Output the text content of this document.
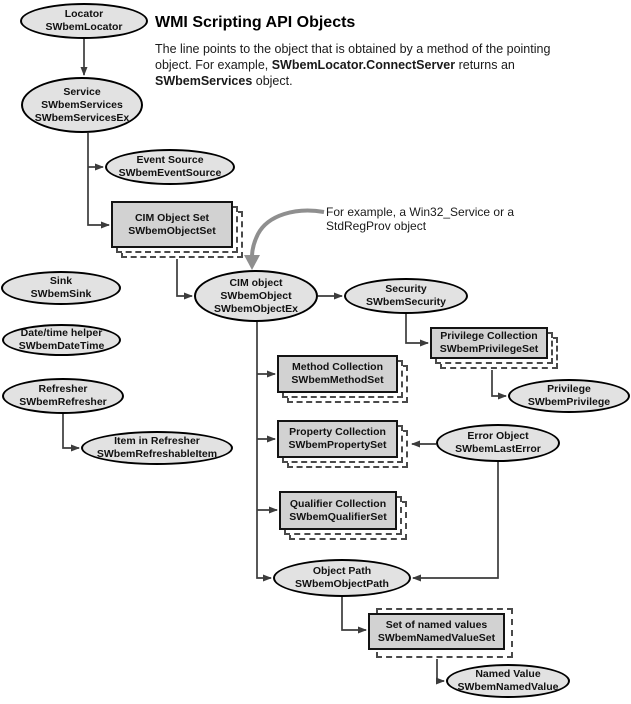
WMI Scripting API Objects
The line points to the object that is obtained by a method of the pointing object. For example, SWbemLocator.ConnectServer returns an SWbemServices object.
For example, a Win32_Service or a StdRegProv object
Locator
SWbemLocator
Service
SWbemServices
SWbemServicesEx
Event Source
SWbemEventSource
CIM Object Set
SWbemObjectSet
Sink
SWbemSink
Date/time helper
SWbemDateTime
Refresher
SWbemRefresher
Item in Refresher
SWbemRefreshableItem
CIM object
SWbemObject
SWbemObjectEx
Security
SWbemSecurity
Privilege Collection
SWbemPrivilegeSet
Privilege
SWbemPrivilege
Method Collection
SWbemMethodSet
Property Collection
SWbemPropertySet
Error Object
SWbemLastError
Qualifier Collection
SWbemQualifierSet
Object Path
SWbemObjectPath
Set of named values
SWbemNamedValueSet
Named Value
SWbemNamedValue
